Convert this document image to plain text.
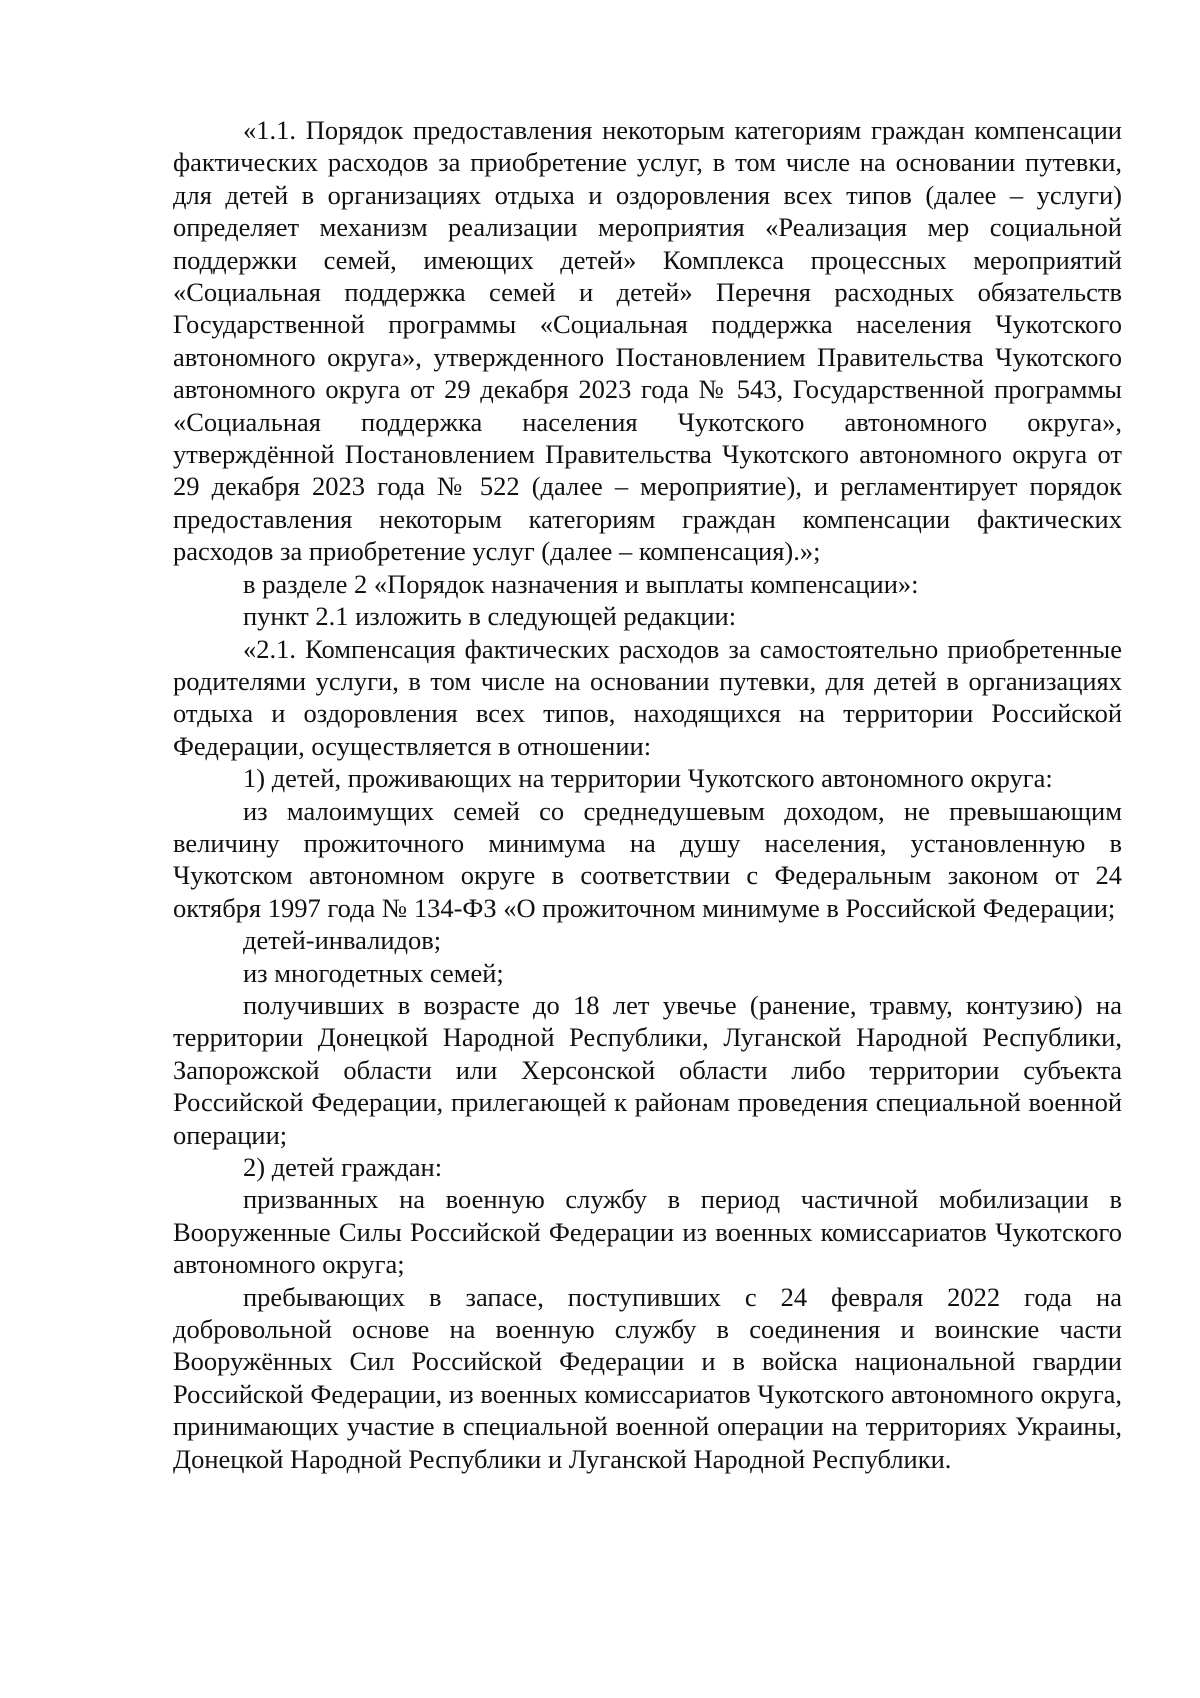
«1.1. Порядок предоставления некоторым категориям граждан компенсации фактических расходов за приобретение услуг, в том числе на основании путевки, для детей в организациях отдыха и оздоровления всех типов (далее – услуги) определяет механизм реализации мероприятия «Реализация мер социальной поддержки семей, имеющих детей» Комплекса процессных мероприятий «Социальная поддержка семей и детей» Перечня расходных обязательств Государственной программы «Социальная поддержка населения Чукотского автономного округа», утвержденного Постановлением Правительства Чукотского автономного округа от 29 декабря 2023 года № 543, Государственной программы «Социальная поддержка населения Чукотского автономного округа», утверждённой Постановлением Правительства Чукотского автономного округа от 29 декабря 2023 года № 522 (далее – мероприятие), и регламентирует порядок предоставления некоторым категориям граждан компенсации фактических расходов за приобретение услуг (далее – компенсация).»;

в разделе 2 «Порядок назначения и выплаты компенсации»:

пункт 2.1 изложить в следующей редакции:

«2.1. Компенсация фактических расходов за самостоятельно приобретенные родителями услуги, в том числе на основании путевки, для детей в организациях отдыха и оздоровления всех типов, находящихся на территории Российской Федерации, осуществляется в отношении:

1) детей, проживающих на территории Чукотского автономного округа:

из малоимущих семей со среднедушевым доходом, не превышающим величину прожиточного минимума на душу населения, установленную в Чукотском автономном округе в соответствии с Федеральным законом от 24 октября 1997 года № 134-ФЗ «О прожиточном минимуме в Российской Федерации;

детей-инвалидов;

из многодетных семей;

получивших в возрасте до 18 лет увечье (ранение, травму, контузию) на территории Донецкой Народной Республики, Луганской Народной Республики, Запорожской области или Херсонской области либо территории субъекта Российской Федерации, прилегающей к районам проведения специальной военной операции;

2) детей граждан:

призванных на военную службу в период частичной мобилизации в Вооруженные Силы Российской Федерации из военных комиссариатов Чукотского автономного округа;

пребывающих в запасе, поступивших с 24 февраля 2022 года на добровольной основе на военную службу в соединения и воинские части Вооружённых Сил Российской Федерации и в войска национальной гвардии Российской Федерации, из военных комиссариатов Чукотского автономного округа, принимающих участие в специальной военной операции на территориях Украины, Донецкой Народной Республики и Луганской Народной Республики.
